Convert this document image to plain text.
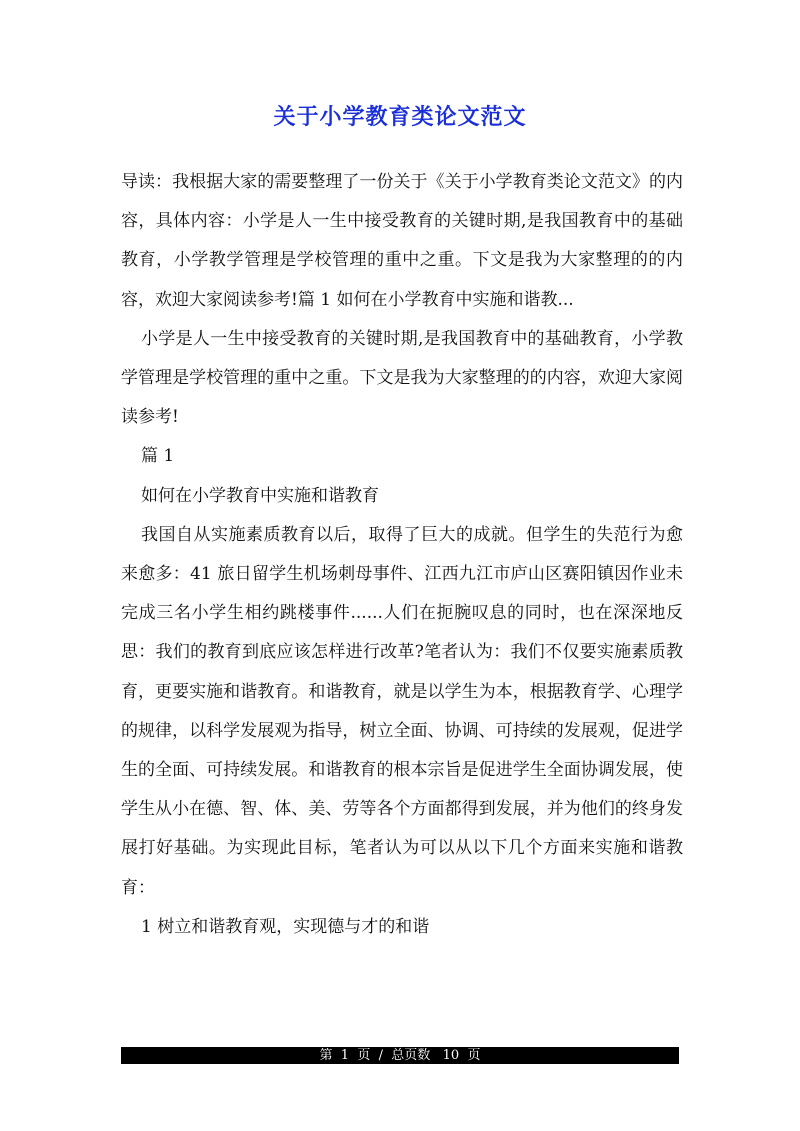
关于小学教育类论文范文

导读：我根据大家的需要整理了一份关于《关于小学教育类论文范文》的内容，具体内容：小学是人一生中接受教育的关键时期,是我国教育中的基础教育，小学教学管理是学校管理的重中之重。下文是我为大家整理的的内容，欢迎大家阅读参考!篇 1 如何在小学教育中实施和谐教...

小学是人一生中接受教育的关键时期,是我国教育中的基础教育，小学教学管理是学校管理的重中之重。下文是我为大家整理的的内容，欢迎大家阅读参考!

篇 1

如何在小学教育中实施和谐教育

我国自从实施素质教育以后，取得了巨大的成就。但学生的失范行为愈来愈多：41 旅日留学生机场刺母事件、江西九江市庐山区赛阳镇因作业未完成三名小学生相约跳楼事件......人们在扼腕叹息的同时，也在深深地反思：我们的教育到底应该怎样进行改革?笔者认为：我们不仅要实施素质教育，更要实施和谐教育。和谐教育，就是以学生为本，根据教育学、心理学的规律，以科学发展观为指导，树立全面、协调、可持续的发展观，促进学生的全面、可持续发展。和谐教育的根本宗旨是促进学生全面协调发展，使学生从小在德、智、体、美、劳等各个方面都得到发展，并为他们的终身发展打好基础。为实现此目标，笔者认为可以从以下几个方面来实施和谐教育：

1 树立和谐教育观，实现德与才的和谐

第  1  页  /  总页数   10  页
